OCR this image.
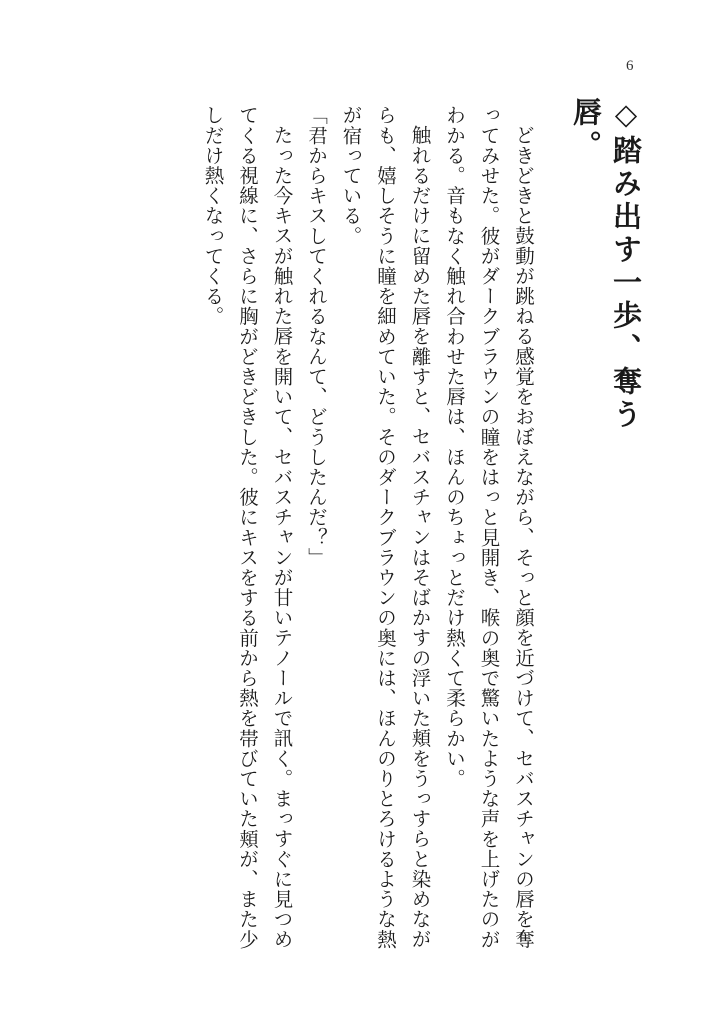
6
◇踏み出す一歩、奪う唇。

どきどきと鼓動が跳ねる感覚をおぼえながら、そっと顔を近づけて、セバスチャンの唇を奪ってみせた。彼がダークブラウンの瞳をはっと見開き、喉の奥で驚いたような声を上げたのがわかる。音もなく触れ合わせた唇は、ほんのちょっとだけ熱くて柔らかい。

触れるだけに留めた唇を離すと、セバスチャンはそばかすの浮いた頬をうっすらと染めながらも、嬉しそうに瞳を細めていた。そのダークブラウンの奥には、ほんのりとろけるような熱が宿っている。

「君からキスしてくれるなんて、どうしたんだ？」

たった今キスが触れた唇を開いて、セバスチャンが甘いテノールで訊く。まっすぐに見つめてくる視線に、さらに胸がどきどきした。彼にキスをする前から熱を帯びていた頬が、また少しだけ熱くなってくる。
